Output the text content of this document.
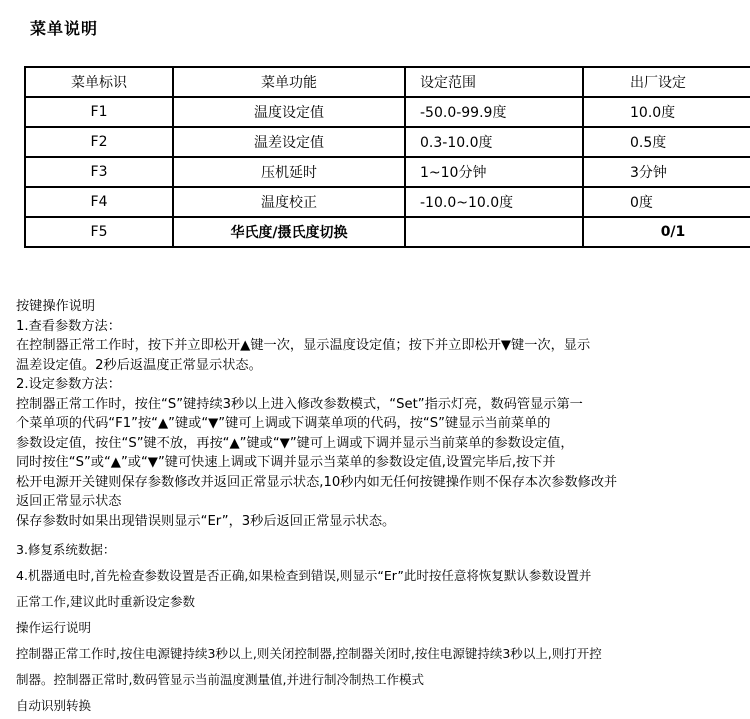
菜单说明
菜单标识	菜单功能	设定范围	出厂设定
F1	温度设定值	-50.0-99.9度	10.0度
F2	温差设定值	0.3-10.0度	0.5度
F3	压机延时	1~10分钟	3分钟
F4	温度校正	-10.0~10.0度	0度
F5	华氏度/摄氏度切换		0/1

按键操作说明

1.查看参数方法：

在控制器正常工作时，按下并立即松开▲键一次，显示温度设定值；按下并立即松开▼键一次，显示

温差设定值。2秒后返温度正常显示状态。

2.设定参数方法：

控制器正常工作时，按住“S”键持续3秒以上进入修改参数模式，“Set”指示灯亮，数码管显示第一

个菜单项的代码“F1”按“▲”键或“▼”键可上调或下调菜单项的代码，按“S”键显示当前菜单的

参数设定值，按住“S”键不放，再按“▲”键或“▼”键可上调或下调并显示当前菜单的参数设定值，

同时按住“S”或“▲”或“▼”键可快速上调或下调并显示当菜单的参数设定值,设置完毕后,按下并

松开电源开关键则保存参数修改并返回正常显示状态,10秒内如无任何按键操作则不保存本次参数修改并

返回正常显示状态

保存参数时如果出现错误则显示“Er”，3秒后返回正常显示状态。

3.修复系统数据：

4.机器通电时,首先检查参数设置是否正确,如果检查到错误,则显示“Er”此时按任意将恢复默认参数设置并

正常工作,建议此时重新设定参数

操作运行说明

控制器正常工作时,按住电源键持续3秒以上,则关闭控制器,控制器关闭时,按住电源键持续3秒以上,则打开控

制器。控制器正常时,数码管显示当前温度测量值,并进行制冷制热工作模式

自动识别转换
